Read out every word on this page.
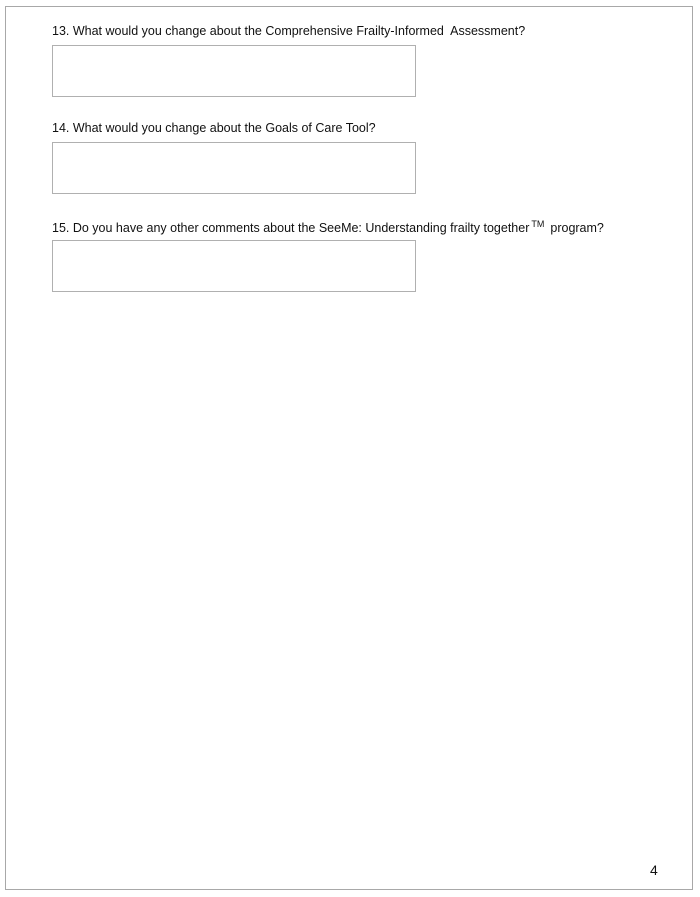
13. What would you change about the Comprehensive Frailty-Informed  Assessment?
14. What would you change about the Goals of Care Tool?
15. Do you have any other comments about the SeeMe: Understanding frailty together ™ program?
4
